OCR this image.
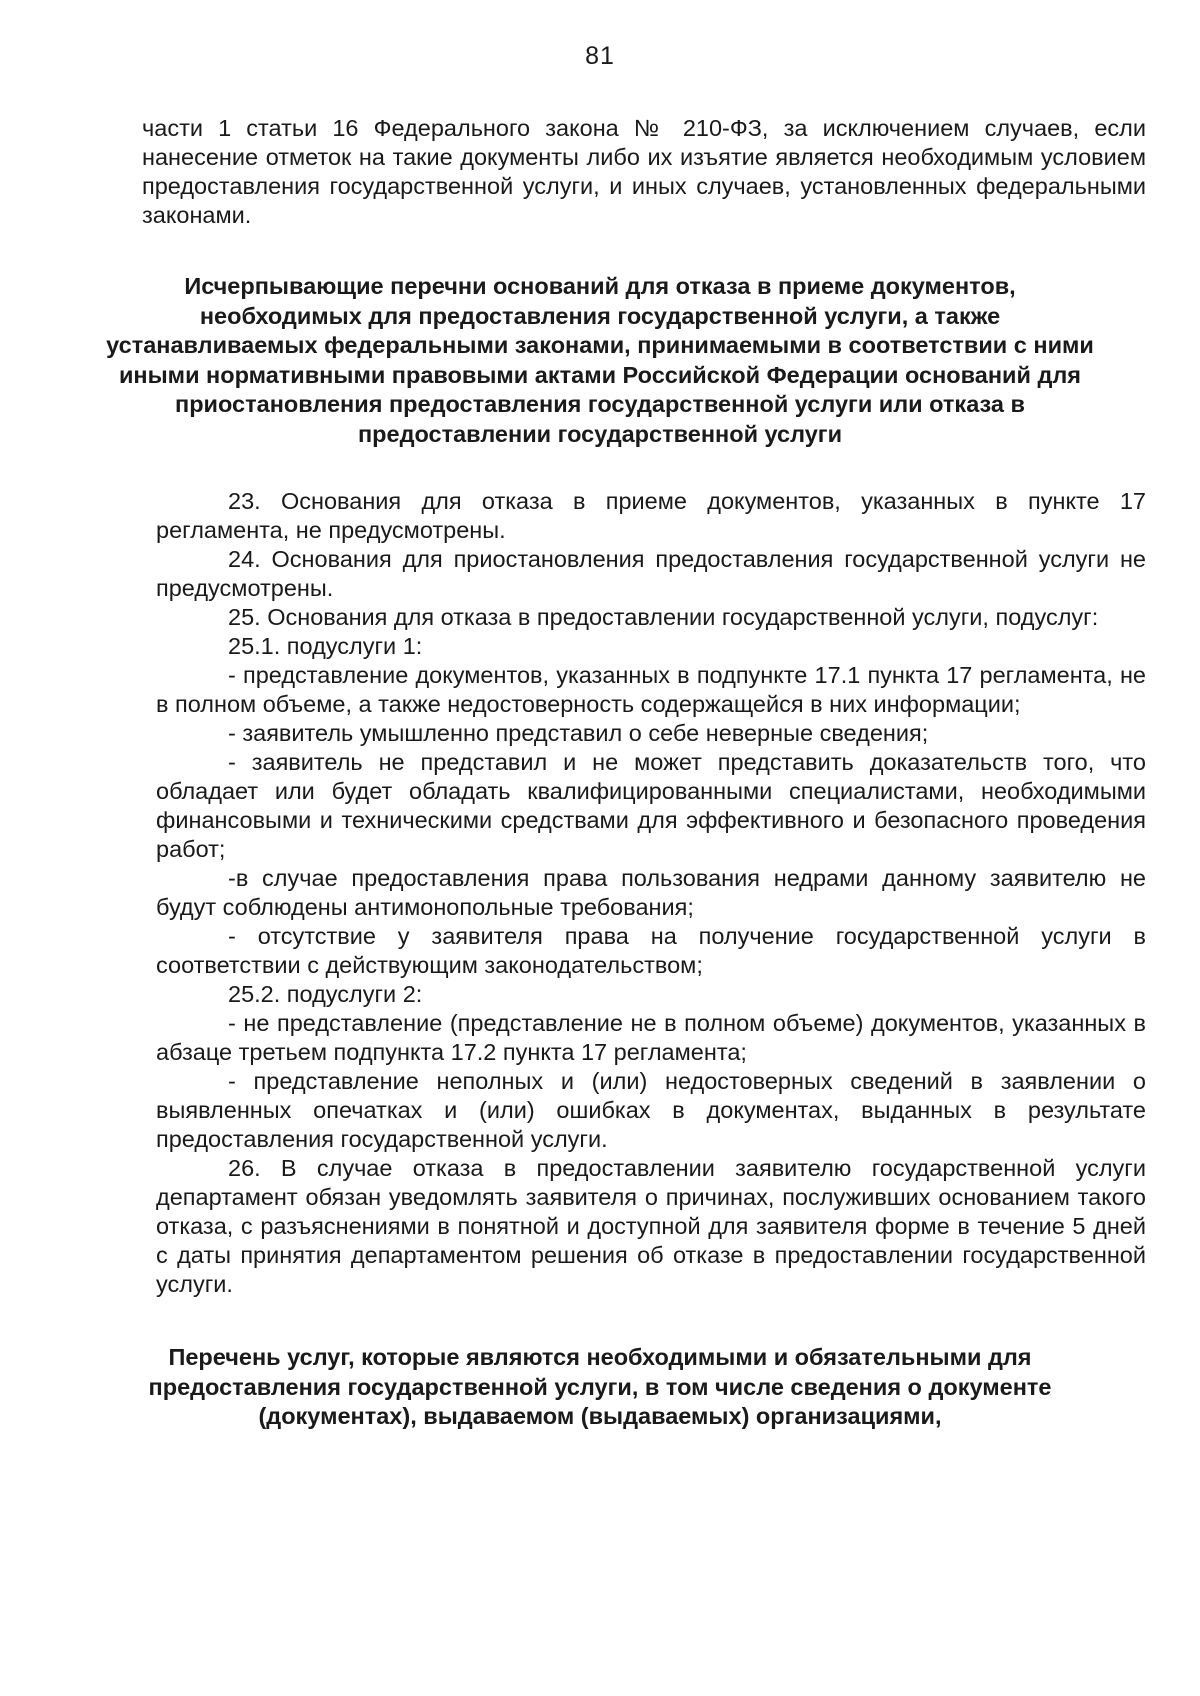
81

части 1 статьи 16 Федерального закона № 210-ФЗ, за исключением случаев, если нанесение отметок на такие документы либо их изъятие является необходимым условием предоставления государственной услуги, и иных случаев, установленных федеральными законами.

Исчерпывающие перечни оснований для отказа в приеме документов, необходимых для предоставления государственной услуги, а также устанавливаемых федеральными законами, принимаемыми в соответствии с ними иными нормативными правовыми актами Российской Федерации оснований для приостановления предоставления государственной услуги или отказа в предоставлении государственной услуги

23. Основания для отказа в приеме документов, указанных в пункте 17 регламента, не предусмотрены.

24. Основания для приостановления предоставления государственной услуги не предусмотрены.

25. Основания для отказа в предоставлении государственной услуги, подуслуг:

25.1. подуслуги 1:

- представление документов, указанных в подпункте 17.1 пункта 17 регламента, не в полном объеме, а также недостоверность содержащейся в них информации;

- заявитель умышленно представил о себе неверные сведения;

- заявитель не представил и не может представить доказательств того, что обладает или будет обладать квалифицированными специалистами, необходимыми финансовыми и техническими средствами для эффективного и безопасного проведения работ;

-в случае предоставления права пользования недрами данному заявителю не будут соблюдены антимонопольные требования;

- отсутствие у заявителя права на получение государственной услуги в соответствии с действующим законодательством;

25.2. подуслуги 2:

- не представление (представление не в полном объеме) документов, указанных в абзаце третьем подпункта 17.2 пункта 17 регламента;

- представление неполных и (или) недостоверных сведений в заявлении о выявленных опечатках и (или) ошибках в документах, выданных в результате предоставления государственной услуги.

26. В случае отказа в предоставлении заявителю государственной услуги департамент обязан уведомлять заявителя о причинах, послуживших основанием такого отказа, с разъяснениями в понятной и доступной для заявителя форме в течение 5 дней с даты принятия департаментом решения об отказе в предоставлении государственной услуги.

Перечень услуг, которые являются необходимыми и обязательными для предоставления государственной услуги, в том числе сведения о документе (документах), выдаваемом (выдаваемых) организациями,
